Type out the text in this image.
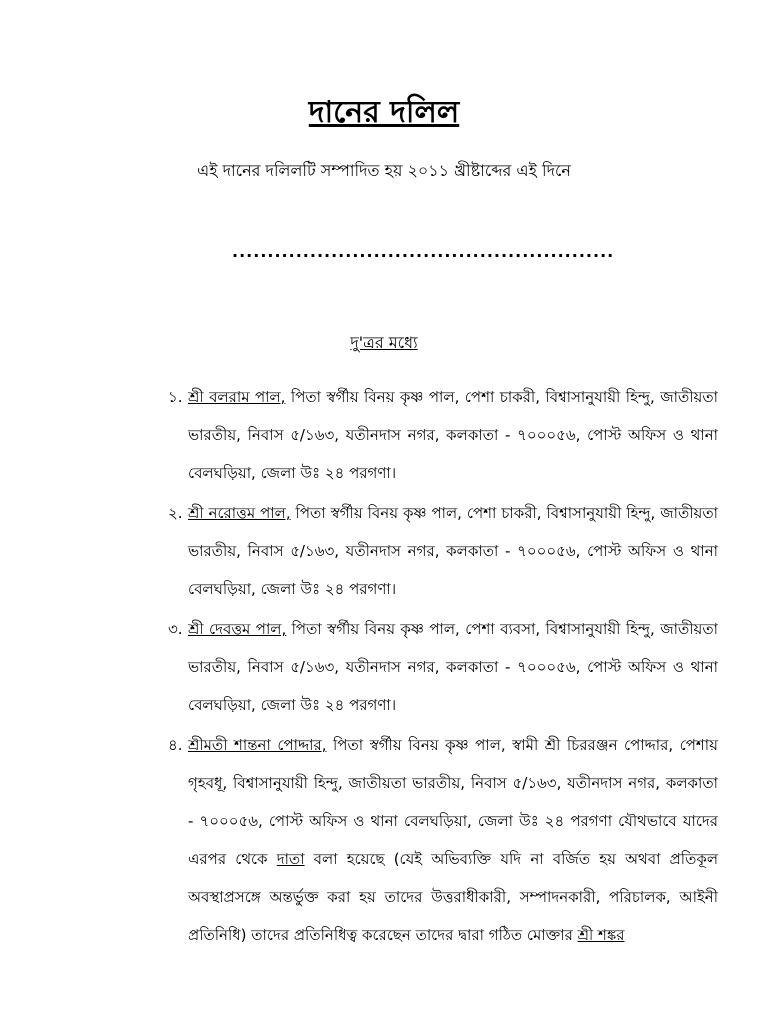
দানের দলিল

এই দানের দলিলটি সম্পাদিত হয় ২০১১ খ্রীষ্টাব্দের এই দিনে

......................................................

দু'ত্রর মধ্যে

১. শ্রী বলরাম পাল, পিতা স্বর্গীয় বিনয় কৃষ্ণ পাল, পেশা চাকরী, বিশ্বাসানুযায়ী হিন্দু, জাতীয়তা ভারতীয়, নিবাস ৫/১৬৩, যতীনদাস নগর, কলকাতা - ৭০০০৫৬, পোস্ট অফিস ও থানা বেলঘড়িয়া, জেলা উঃ ২৪ পরগণা।
২. শ্রী নরোত্তম পাল, পিতা স্বর্গীয় বিনয় কৃষ্ণ পাল, পেশা চাকরী, বিশ্বাসানুযায়ী হিন্দু, জাতীয়তা ভারতীয়, নিবাস ৫/১৬৩, যতীনদাস নগর, কলকাতা - ৭০০০৫৬, পোস্ট অফিস ও থানা বেলঘড়িয়া, জেলা উঃ ২৪ পরগণা।
৩. শ্রী দেবত্তম পাল, পিতা স্বর্গীয় বিনয় কৃষ্ণ পাল, পেশা ব্যবসা, বিশ্বাসানুযায়ী হিন্দু, জাতীয়তা ভারতীয়, নিবাস ৫/১৬৩, যতীনদাস নগর, কলকাতা - ৭০০০৫৬, পোস্ট অফিস ও থানা বেলঘড়িয়া, জেলা উঃ ২৪ পরগণা।
৪. শ্রীমতী শান্তনা পোদ্দার, পিতা স্বর্গীয় বিনয় কৃষ্ণ পাল, স্বামী শ্রী চিররঞ্জন পোদ্দার, পেশায় গৃহবধূ, বিশ্বাসানুযায়ী হিন্দু, জাতীয়তা ভারতীয়, নিবাস ৫/১৬৩, যতীনদাস নগর, কলকাতা - ৭০০০৫৬, পোস্ট অফিস ও থানা বেলঘড়িয়া, জেলা উঃ ২৪ পরগণা যৌথভাবে যাদের এরপর থেকে দাতা বলা হয়েছে (যেই অভিব্যক্তি যদি না বর্জিত হয় অথবা প্রতিকূল অবস্থাপ্রসঙ্গে অন্তর্ভুক্ত করা হয় তাদের উত্তরাধীকারী, সম্পাদনকারী, পরিচালক, আইনী প্রতিনিধি) তাদের প্রতিনিধিত্ব করেছেন তাদের দ্বারা গঠিত মোক্তার শ্রী শঙ্কর
